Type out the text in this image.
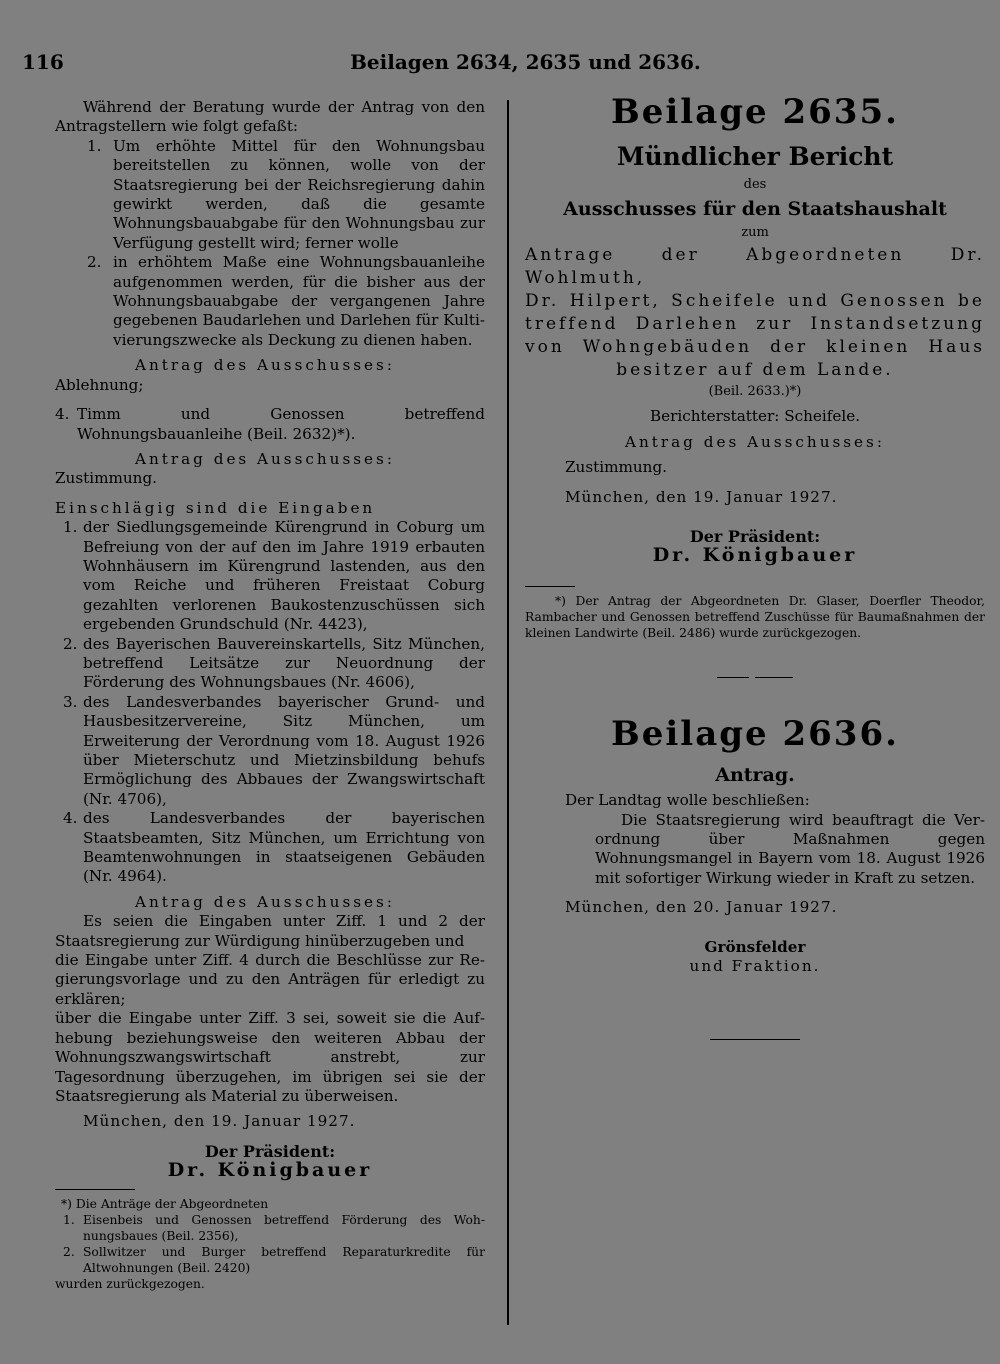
116	Beilagen 2634, 2635 und 2636.

Während der Beratung wurde der Antrag von den Antragstellern wie folgt gefaßt:

1. Um erhöhte Mittel für den Wohnungsbau bereitstellen zu können, wolle von der Staatsregierung bei der Reichsregierung dahin gewirkt werden, daß die gesamte Wohnungsbauabgabe für den Wohnungsbau zur Verfügung gestellt wird; ferner wolle

2. in erhöhtem Maße eine Wohnungsbauanleihe aufgenommen werden, für die bisher aus der Wohnungsbauabgabe der vergangenen Jahre gegebenen Baudarlehen und Darlehen für Kultivierungszwecke als Deckung zu dienen haben.

Antrag des Ausschusses:

Ablehnung;

4. Timm und Genossen betreffend Wohnungsbauanleihe (Beil. 2632)*).

Antrag des Ausschusses:

Zustimmung.

Einschlägig sind die Eingaben

1. der Siedlungsgemeinde Kürengrund in Coburg um Befreiung von der auf den im Jahre 1919 erbauten Wohnhäusern im Kürengrund lastenden, aus den vom Reiche und früheren Freistaat Coburg gezahlten verlorenen Baukostenzuschüssen sich ergebenden Grundschuld (Nr. 4423),

2. des Bayerischen Bauvereinskartells, Sitz München, betreffend Leitsätze zur Neuordnung der Förderung des Wohnungsbaues (Nr. 4606),

3. des Landesverbandes bayerischer Grund- und Hausbesitzervereine, Sitz München, um Erweiterung der Verordnung vom 18. August 1926 über Mieterschutz und Mietzinsbildung behufs Ermöglichung des Abbaues der Zwangswirtschaft (Nr. 4706),

4. des Landesverbandes der bayerischen Staatsbeamten, Sitz München, um Errichtung von Beamtenwohnungen in staatseigenen Gebäuden (Nr. 4964).

Antrag des Ausschusses:

Es seien die Eingaben unter Ziff. 1 und 2 der Staatsregierung zur Würdigung hinüberzugeben und

die Eingabe unter Ziff. 4 durch die Beschlüsse zur Regierungsvorlage und zu den Anträgen für erledigt zu erklären;

über die Eingabe unter Ziff. 3 sei, soweit sie die Aufhebung beziehungsweise den weiteren Abbau der Wohnungszwangswirtschaft anstrebt, zur Tagesordnung überzugehen, im übrigen sei sie der Staatsregierung als Material zu überweisen.

München, den 19. Januar 1927.

Der Präsident:

Dr. Königbauer

*) Die Anträge der Abgeordneten

1. Eisenbeis und Genossen betreffend Förderung des Wohnungsbaues (Beil. 2356),

2. Sollwitzer und Burger betreffend Reparaturkredite für Altwohnungen (Beil. 2420)

wurden zurückgezogen.

Beilage 2635.

Mündlicher Bericht

des

Ausschusses für den Staatshaushalt

zum

Antrage der Abgeordneten Dr. Wohlmuth,

Dr. Hilpert, Scheifele und Genossen be

treffend Darlehen zur Instandsetzung

von Wohngebäuden der kleinen Haus

besitzer auf dem Lande.

(Beil. 2633.)*)

Berichterstatter: Scheifele.

Antrag des Ausschusses:

Zustimmung.

München, den 19. Januar 1927.

Der Präsident:

Dr. Königbauer

*) Der Antrag der Abgeordneten Dr. Glaser, Doerfler Theodor, Rambacher und Genossen betreffend Zuschüsse für Baumaßnahmen der kleinen Landwirte (Beil. 2486) wurde zurückgezogen.

Beilage 2636.

Antrag.

Der Landtag wolle beschließen:

Die Staatsregierung wird beauftragt die Verordnung über Maßnahmen gegen Wohnungsmangel in Bayern vom 18. August 1926 mit sofortiger Wirkung wieder in Kraft zu setzen.

München, den 20. Januar 1927.

Grönsfelder

und Fraktion.
